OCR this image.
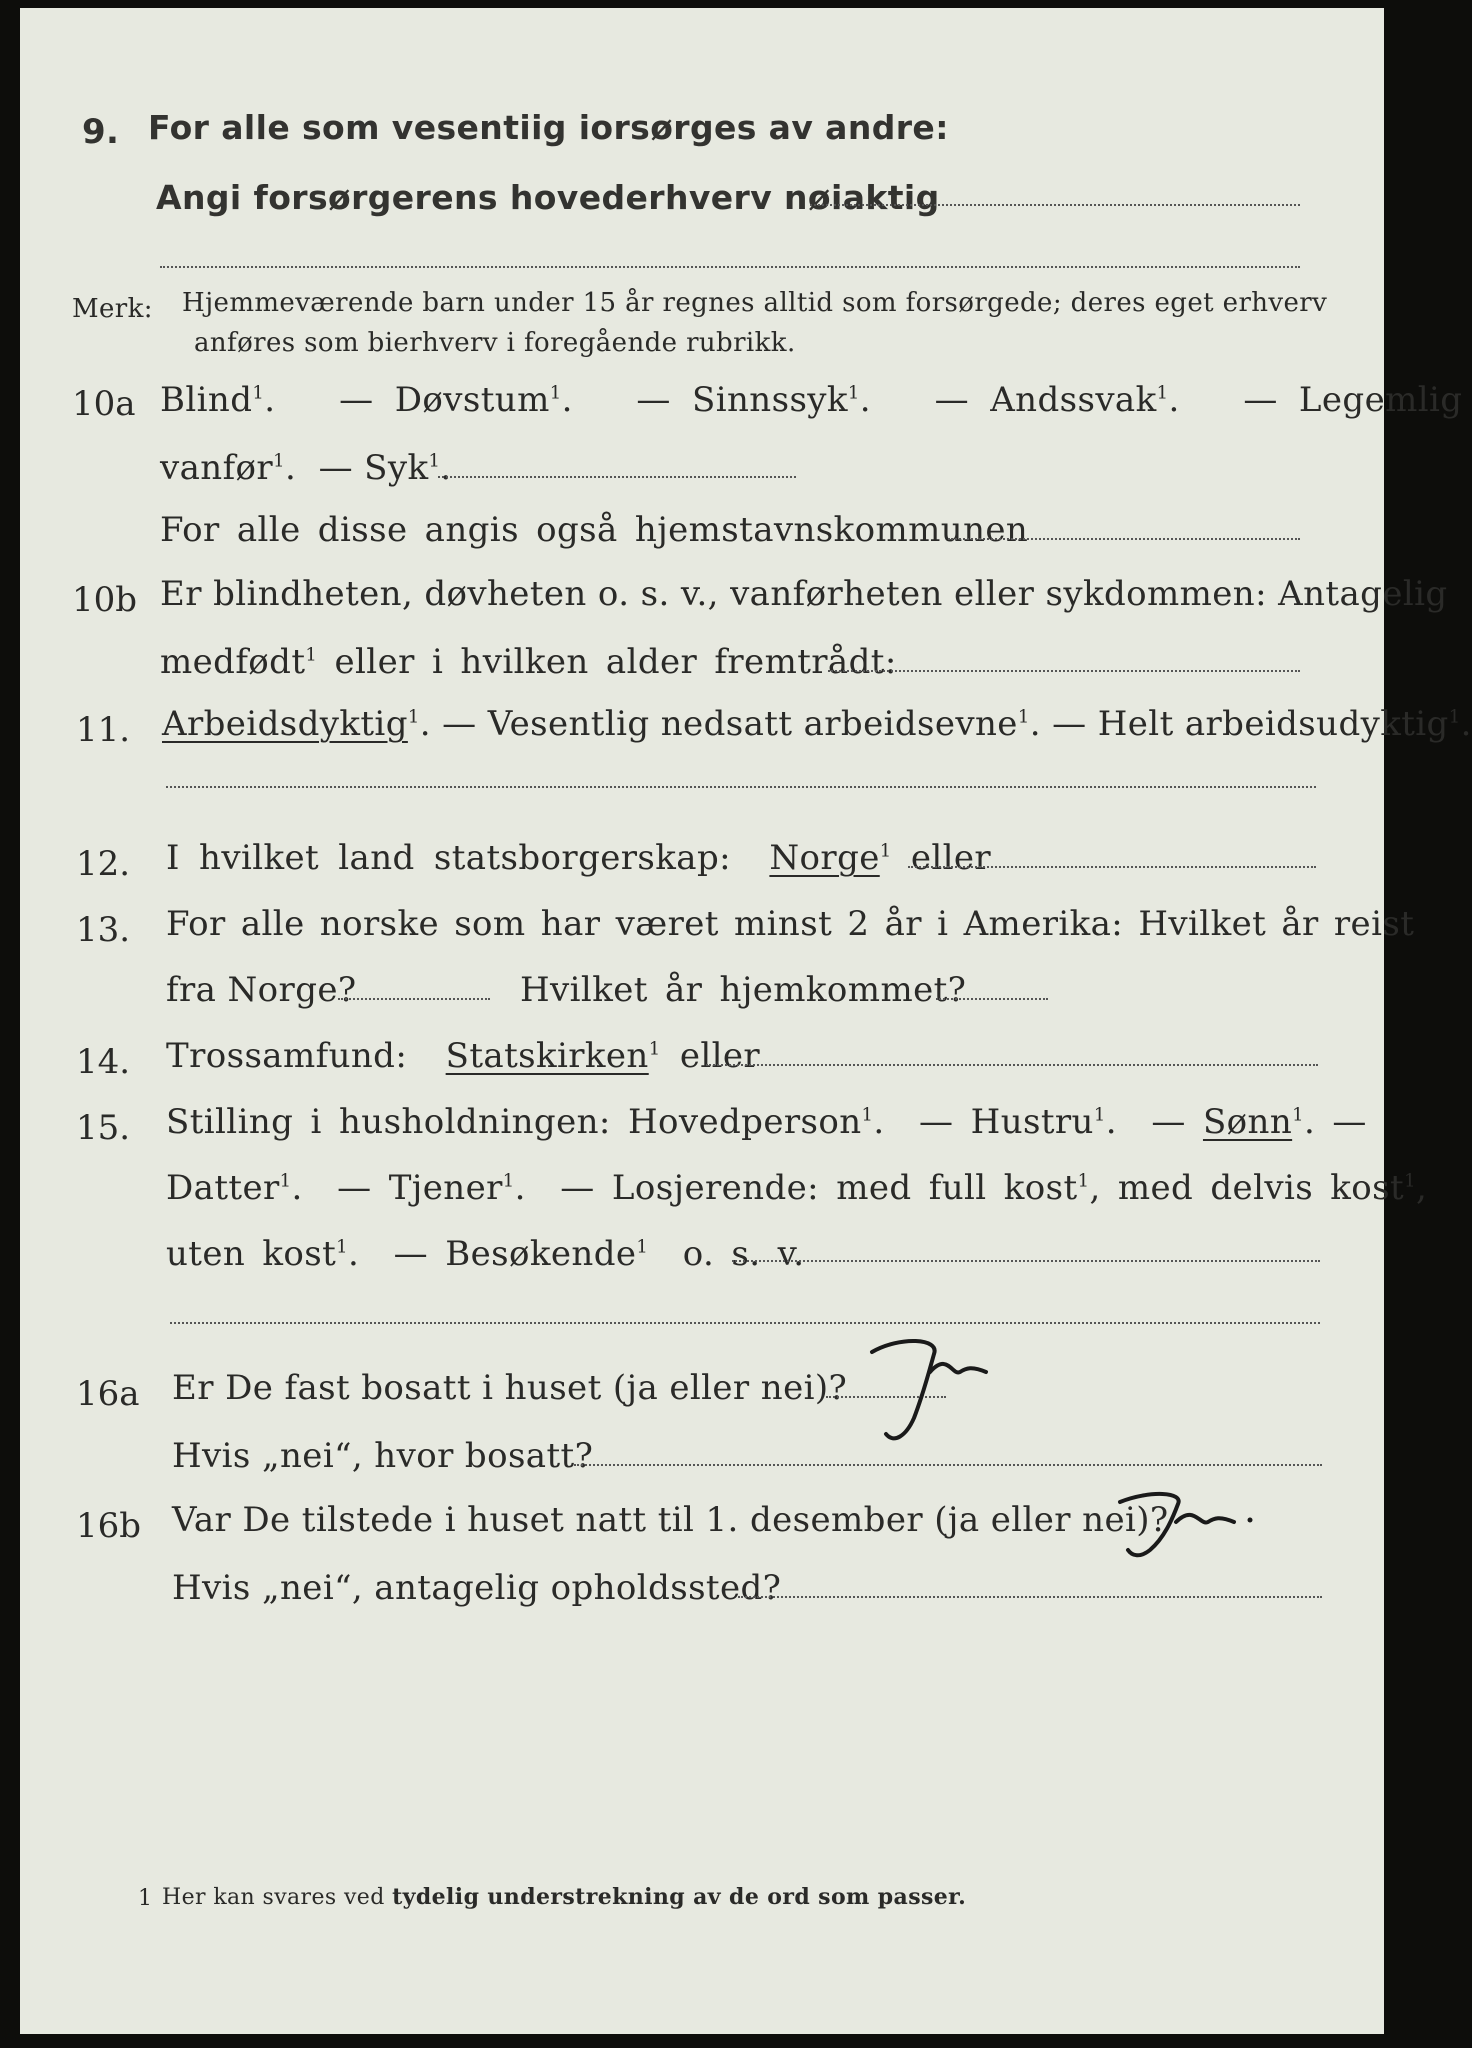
9. For alle som vesentiig iorsørges av andre:
Angi forsørgerens hovederhverv nøiaktig
Merk: Hjemmeværende barn under 15 år regnes alltid som forsørgede; deres eget erhverv
anføres som bierhverv i foregående rubrikk.
10a Blind$^1$.   — Døvstum$^1$.   — Sinnssyk$^1$.   — Andssvak$^1$.   — Legemlig
vanfør$^1$.  — Syk$^1$.
For alle disse angis også hjemstavnskommunen
10b Er blindheten, døvheten o. s. v., vanførheten eller sykdommen: Antagelig
medfødt$^1$ eller i hvilken alder fremtrådt:
11. Arbeidsdyktig$^1$. — Vesentlig nedsatt arbeidsevne$^1$. — Helt arbeidsudyktig$^1$.
12. I hvilket land statsborgerskap: Norge$^1$ eller
13. For alle norske som har været minst 2 år i Amerika: Hvilket år reist
fra Norge?	Hvilket år hjemkommet?
14. Trossamfund: Statskirken$^1$ eller
15. Stilling i husholdningen: Hovedperson$^1$.  — Hustru$^1$.  — Sønn$^1$. —
Datter$^1$.  — Tjener$^1$.  — Losjerende: med full kost$^1$, med delvis kost$^1$,
uten kost$^1$.  — Besøkende$^1$ o. s. v.
16a Er De fast bosatt i huset (ja eller nei)?
Hvis „nei“, hvor bosatt?
16b Var De tilstede i huset natt til 1. desember (ja eller nei)?
Hvis „nei“, antagelig opholdssted?
1 Her kan svares ved tydelig understrekning av de ord som passer.
